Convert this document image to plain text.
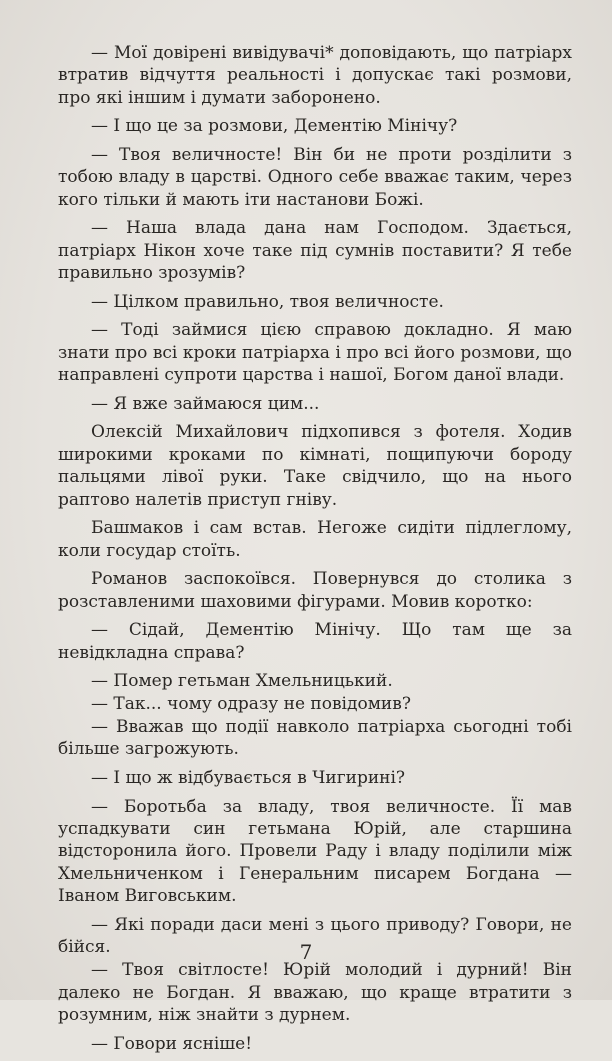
— Мої довірені вивідувачі* доповідають, що патріарх втратив відчуття реальності і допускає такі розмови, про які іншим і думати заборонено.

— І що це за розмови, Дементію Мінічу?

— Твоя величносте! Він би не проти розділити з тобою владу в царстві. Одного себе вважає таким, через кого тільки й мають іти настанови Божі.

— Наша влада дана нам Господом. Здається, патріарх Нікон хоче таке під сумнів поставити? Я тебе правильно зрозумів?

— Цілком правильно, твоя величносте.

— Тоді займися цією справою докладно. Я маю знати про всі кроки патріарха і про всі його розмови, що направлені супроти царства і нашої, Богом даної влади.

— Я вже займаюся цим...

Олексій Михайлович підхопився з фотеля. Ходив широкими кроками по кімнаті, пощипуючи бороду пальцями лівої руки. Таке свідчило, що на нього раптово налетів приступ гніву.

Башмаков і сам встав. Негоже сидіти підлеглому, коли государ стоїть.

Романов заспокоївся. Повернувся до столика з розставленими шаховими фігурами. Мовив коротко:

— Сідай, Дементію Мінічу. Що там ще за невідкладна справа?

— Помер гетьман Хмельницький.

— Так... чому одразу не повідомив?

— Вважав що події навколо патріарха сьогодні тобі більше загрожують.

— І що ж відбувається в Чигирині?

— Боротьба за владу, твоя величносте. Її мав успадкувати син гетьмана Юрій, але старшина відсторонила його. Провели Раду і владу поділили між Хмельниченком і Генеральним писарем Богдана — Іваном Виговським.

— Які поради даси мені з цього приводу? Говори, не бійся.

— Твоя світлосте! Юрій молодий і дурний! Він далеко не Богдан. Я вважаю, що краще втратити з розумним, ніж знайти з дурнем.

— Говори ясніше!

7
